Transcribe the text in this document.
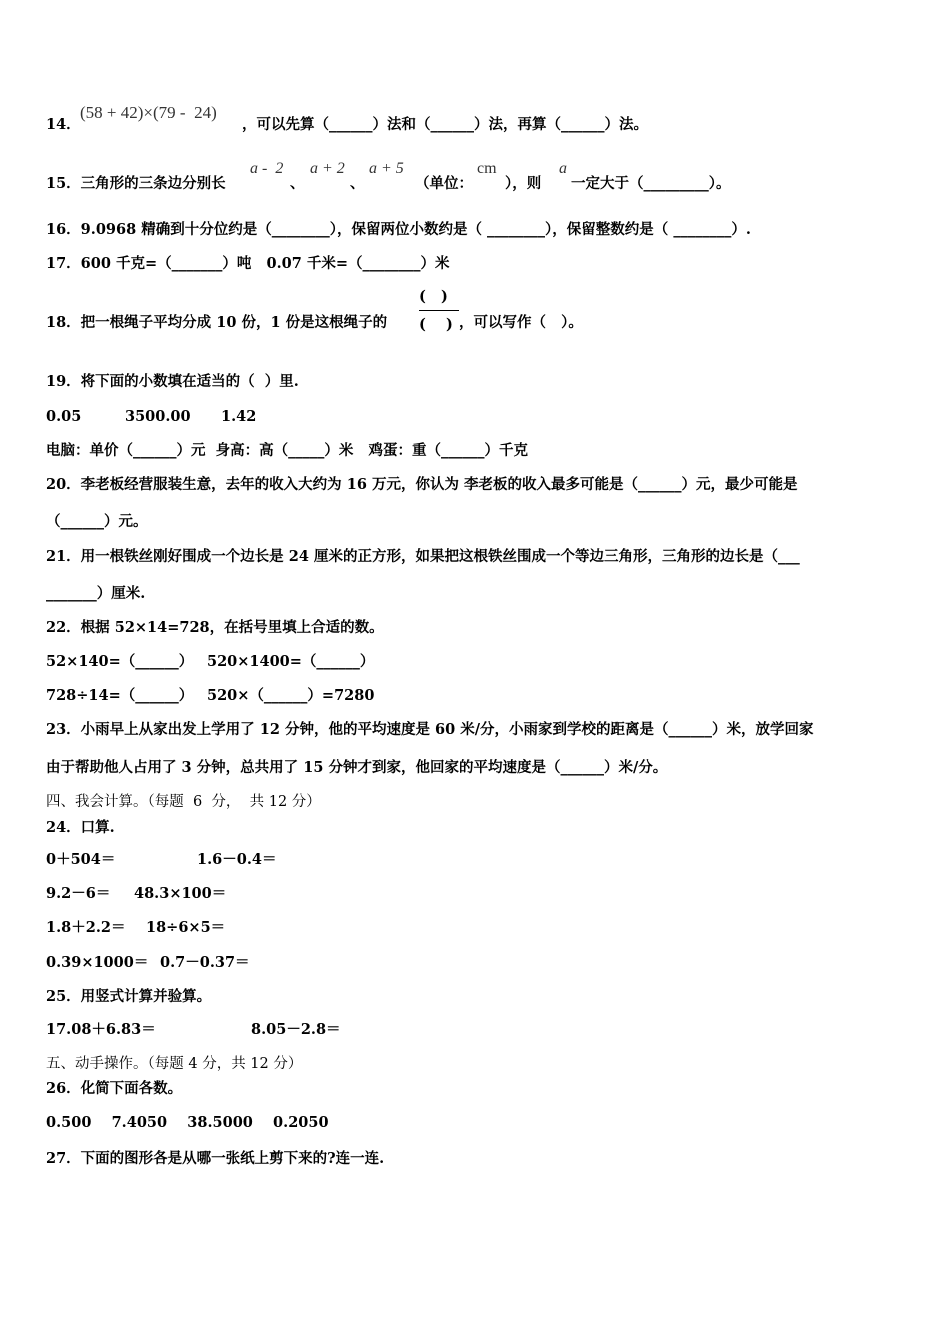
14．
(58 + 42)×(79 -  24)
，可以先算（______）法和（______）法，再算（______）法。
15．三角形的三条边分别长
a -  2
、
a + 2
、
a + 5
（单位：
cm
），则
a
一定大于（_________）。
16．9.0968 精确到十分位约是（________），保留两位小数约是（ ________），保留整数约是（ ________）.
17．600 千克=（_______）吨   0.07 千米=（________）米
18．把一根绳子平均分成 10 份，1 份是这根绳子的
(   )
(    ) ，可以写作（   ）。
19．将下面的小数填在适当的（  ）里.
0.05	3500.00 1.42
电脑：单价（______）元  身高：高（_____）米   鸡蛋：重（______）千克
20．李老板经营服装生意，去年的收入大约为 16 万元，你认为 李老板的收入最多可能是（______）元，最少可能是
（______）元。
21．用一根铁丝刚好围成一个边长是 24 厘米的正方形，如果把这根铁丝围成一个等边三角形，三角形的边长是（___
_______）厘米.
22．根据 52×14=728，在括号里填上合适的数。
52×140=（______） 520×1400=（______）
728÷14=（______） 520×（______）=7280
23．小雨早上从家出发上学用了 12 分钟，他的平均速度是 60 米/分，小雨家到学校的距离是（______）米，放学回家
由于帮助他人占用了 3 分钟，总共用了 15 分钟才到家，他回家的平均速度是（______）米/分。
四、我会计算。（每题  6  分，  共 12 分）
24．口算.
0＋504＝	1.6－0.4＝
9.2－6＝ 48.3×100＝
1.8＋2.2＝ 18÷6×5＝
0.39×1000＝ 0.7－0.37＝
25．用竖式计算并验算。
17.08＋6.83＝	8.05－2.8＝
五、动手操作。（每题 4 分，共 12 分）
26．化简下面各数。
0.500    7.4050    38.5000    0.2050
27．下面的图形各是从哪一张纸上剪下来的?连一连.
